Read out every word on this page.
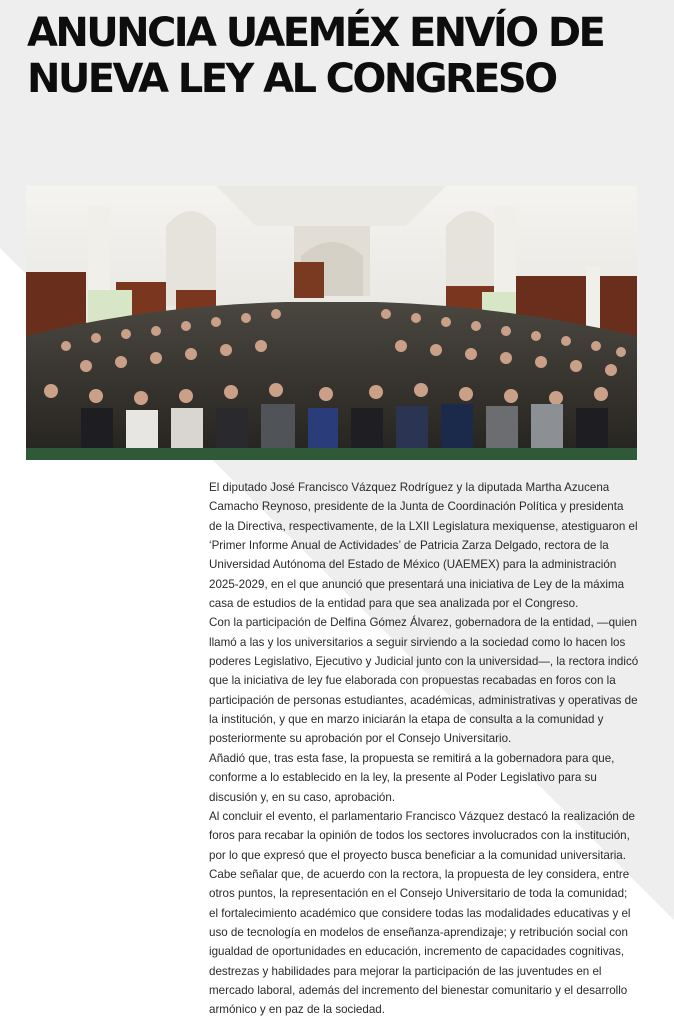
ANUNCIA UAEMÉX ENVÍO DE
NUEVA LEY AL CONGRESO

El diputado José Francisco Vázquez Rodríguez y la diputada Martha Azucena Camacho Reynoso, presidente de la Junta de Coordinación Política y presidenta de la Directiva, respectivamente, de la LXII Legislatura mexiquense, atestiguaron el ‘Primer Informe Anual de Actividades’ de Patricia Zarza Delgado, rectora de la Universidad Autónoma del Estado de México (UAEMEX) para la administración 2025-2029, en el que anunció que presentará una iniciativa de Ley de la máxima casa de estudios de la entidad para que sea analizada por el Congreso.

Con la participación de Delfina Gómez Álvarez, gobernadora de la entidad, —quien llamó a las y los universitarios a seguir sirviendo a la sociedad como lo hacen los poderes Legislativo, Ejecutivo y Judicial junto con la universidad—, la rectora indicó que la iniciativa de ley fue elaborada con propuestas recabadas en foros con la participación de personas estudiantes, académicas, administrativas y operativas de la institución, y que en marzo iniciarán la etapa de consulta a la comunidad y posteriormente su aprobación por el Consejo Universitario.

Añadió que, tras esta fase, la propuesta se remitirá a la gobernadora para que, conforme a lo establecido en la ley, la presente al Poder Legislativo para su discusión y, en su caso, aprobación.

Al concluir el evento, el parlamentario Francisco Vázquez destacó la realización de foros para recabar la opinión de todos los sectores involucrados con la institución, por lo que expresó que el proyecto busca beneficiar a la comunidad universitaria.

Cabe señalar que, de acuerdo con la rectora, la propuesta de ley considera, entre otros puntos, la representación en el Consejo Universitario de toda la comunidad; el fortalecimiento académico que considere todas las modalidades educativas y el uso de tecnología en modelos de enseñanza-aprendizaje; y retribución social con igualdad de oportunidades en educación, incremento de capacidades cognitivas, destrezas y habilidades para mejorar la participación de las juventudes en el mercado laboral, además del incremento del bienestar comunitario y el desarrollo armónico y en paz de la sociedad.
